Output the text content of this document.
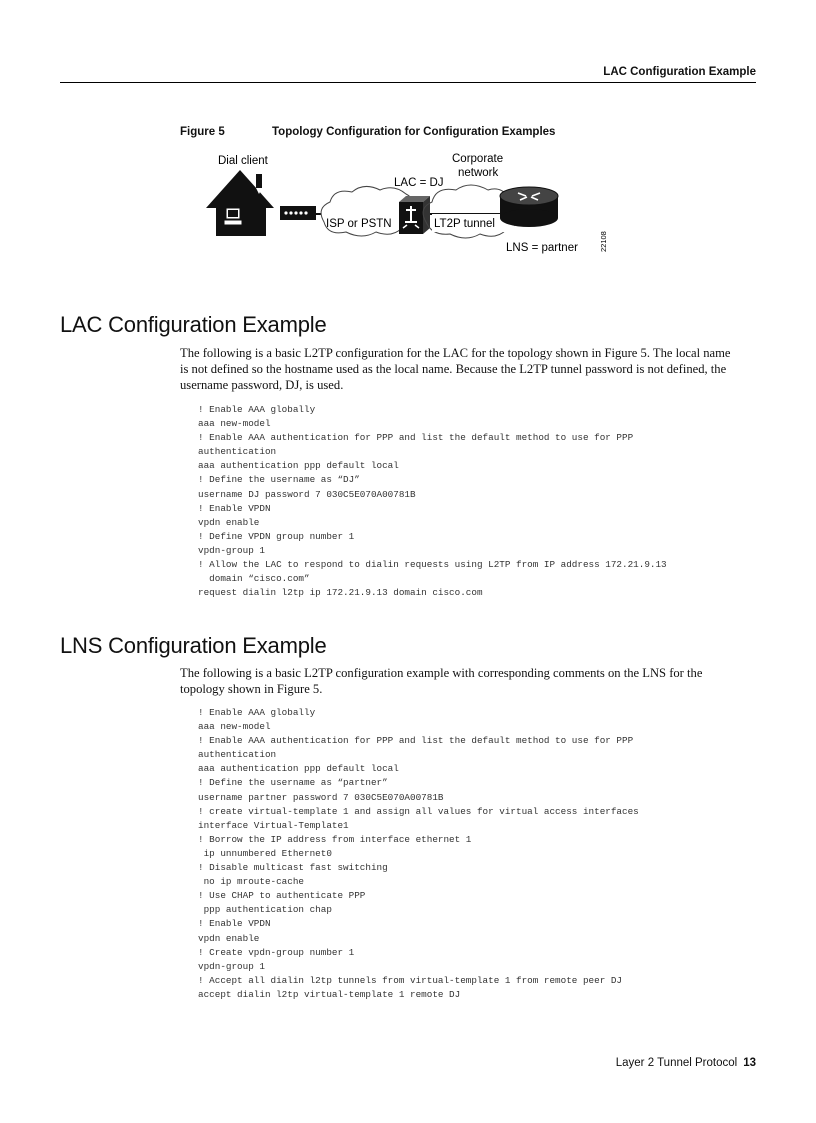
LAC Configuration Example
Figure 5	Topology Configuration for Configuration Examples
ISP or PSTN
LAC = DJ
LT2P tunnel
Corporate
network
LNS = partner
Dial client
22108
LAC Configuration Example

The following is a basic L2TP configuration for the LAC for the topology shown in Figure 5. The local name is not defined so the hostname used as the local name. Because the L2TP tunnel password is not defined, the username password, DJ, is used.

! Enable AAA globally
aaa new-model
! Enable AAA authentication for PPP and list the default method to use for PPP
authentication
aaa authentication ppp default local
! Define the username as “DJ”
username DJ password 7 030C5E070A00781B
! Enable VPDN
vpdn enable
! Define VPDN group number 1
vpdn-group 1
! Allow the LAC to respond to dialin requests using L2TP from IP address 172.21.9.13
domain “cisco.com”
request dialin l2tp ip 172.21.9.13 domain cisco.com
LNS Configuration Example

The following is a basic L2TP configuration example with corresponding comments on the LNS for the topology shown in Figure 5.

! Enable AAA globally
aaa new-model
! Enable AAA authentication for PPP and list the default method to use for PPP
authentication
aaa authentication ppp default local
! Define the username as “partner”
username partner password 7 030C5E070A00781B
! create virtual-template 1 and assign all values for virtual access interfaces
interface Virtual-Template1
! Borrow the IP address from interface ethernet 1
ip unnumbered Ethernet0
! Disable multicast fast switching
no ip mroute-cache
! Use CHAP to authenticate PPP
ppp authentication chap
! Enable VPDN
vpdn enable
! Create vpdn-group number 1
vpdn-group 1
! Accept all dialin l2tp tunnels from virtual-template 1 from remote peer DJ
accept dialin l2tp virtual-template 1 remote DJ
Layer 2 Tunnel Protocol 13
